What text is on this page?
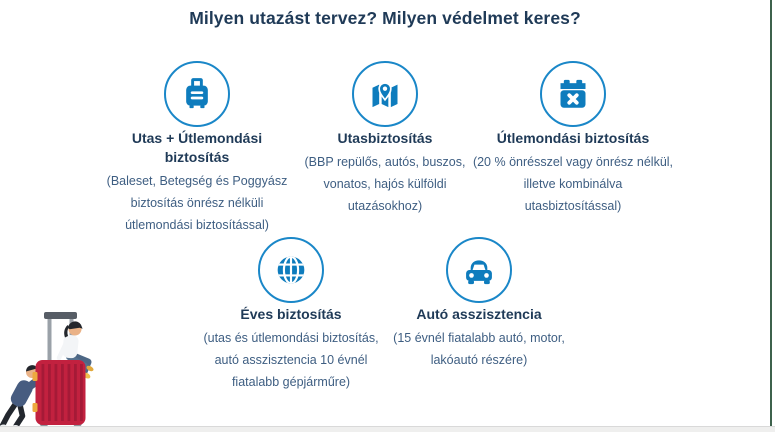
Milyen utazást tervez? Milyen védelmet keres?
Utas + Útlemondási
biztosítás
(Baleset, Betegség és Poggyász
biztosítás önrész nélküli
útlemondási biztosítással)
Utasbiztosítás
(BBP repülős, autós, buszos,
vonatos, hajós külföldi
utazásokhoz)
Útlemondási biztosítás
(20 % önrésszel vagy önrész nélkül,
illetve kombinálva
utasbiztosítással)
Éves biztosítás
(utas és útlemondási biztosítás,
autó asszisztencia 10 évnél
fiatalabb gépjárműre)
Autó asszisztencia
(15 évnél fiatalabb autó, motor,
lakóautó részére)
